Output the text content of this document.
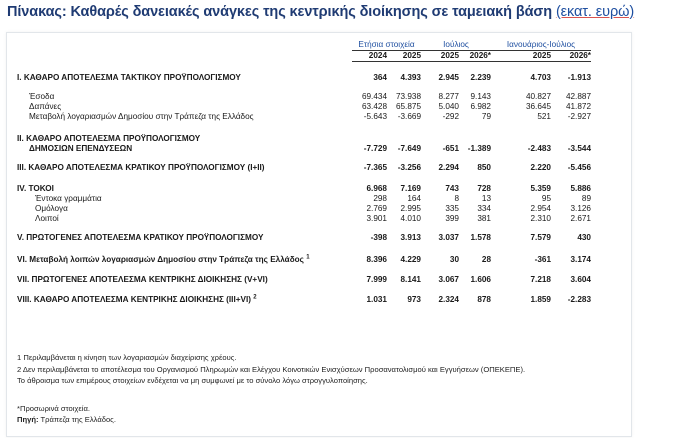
Πίνακας: Καθαρές δανειακές ανάγκες της κεντρικής διοίκησης σε ταμειακή βάση (εκατ. ευρώ)
	Ετήσια στοιχεία		Ιούλιος		Ιανουάριος-Ιούλιος	
	2024	2025	2025	2026*	2025	2026*

I. ΚΑΘΑΡΟ ΑΠΟΤΕΛΕΣΜΑ ΤΑΚΤΙΚΟΥ ΠΡΟΫΠΟΛΟΓΙΣΜΟΥ	364	4.393	2.945	2.239	4.703	-1.913

Έσοδα	69.434	73.938	8.277	9.143	40.827	42.887
Δαπάνες	63.428	65.875	5.040	6.982	36.645	41.872
Μεταβολή λογαριασμών Δημοσίου στην Τράπεζα της Ελλάδος	-5.643	-3.669	-292	79	521	-2.927

II. ΚΑΘΑΡΟ ΑΠΟΤΕΛΕΣΜΑ ΠΡΟΫΠΟΛΟΓΙΣΜΟΥ						
ΔΗΜΟΣΙΩΝ ΕΠΕΝΔΥΣΕΩΝ	-7.729	-7.649	-651	-1.389	-2.483	-3.544

III. ΚΑΘΑΡΟ ΑΠΟΤΕΛΕΣΜΑ ΚΡΑΤΙΚΟΥ ΠΡΟΫΠΟΛΟΓΙΣΜΟΥ (I+II)	-7.365	-3.256	2.294	850	2.220	-5.456

IV. ΤΟΚΟΙ	6.968	7.169	743	728	5.359	5.886
Έντοκα γραμμάτια	298	164	8	13	95	89
Ομόλογα	2.769	2.995	335	334	2.954	3.126
Λοιποί	3.901	4.010	399	381	2.310	2.671

V. ΠΡΩΤΟΓΕΝΕΣ ΑΠΟΤΕΛΕΣΜΑ ΚΡΑΤΙΚΟΥ ΠΡΟΫΠΟΛΟΓΙΣΜΟΥ	-398	3.913	3.037	1.578	7.579	430

VI. Μεταβολή λοιπών λογαριασμών Δημοσίου στην Τράπεζα της Ελλάδος $^1$	8.396	4.229	30	28	-361	3.174

VII. ΠΡΩΤΟΓΕΝΕΣ ΑΠΟΤΕΛΕΣΜΑ ΚΕΝΤΡΙΚΗΣ ΔΙΟΙΚΗΣΗΣ (V+VI)	7.999	8.141	3.067	1.606	7.218	3.604

VIII. ΚΑΘΑΡΟ ΑΠΟΤΕΛΕΣΜΑ ΚΕΝΤΡΙΚΗΣ ΔΙΟΙΚΗΣΗΣ (III+VI) $^2$	1.031	973	2.324	878	1.859	-2.283
1 Περιλαμβάνεται η κίνηση των λογαριασμών διαχείρισης χρέους.
2 Δεν περιλαμβάνεται το αποτέλεσμα του Οργανισμού Πληρωμών και Ελέγχου Κοινοτικών Ενισχύσεων Προσανατολισμού και Εγγυήσεων (ΟΠΕΚΕΠΕ).
Το άθροισμα των επιμέρους στοιχείων ενδέχεται να μη συμφωνεί με το σύνολο λόγω στρογγυλοποίησης.
*Προσωρινά στοιχεία.
Πηγή: Τράπεζα της Ελλάδος.
